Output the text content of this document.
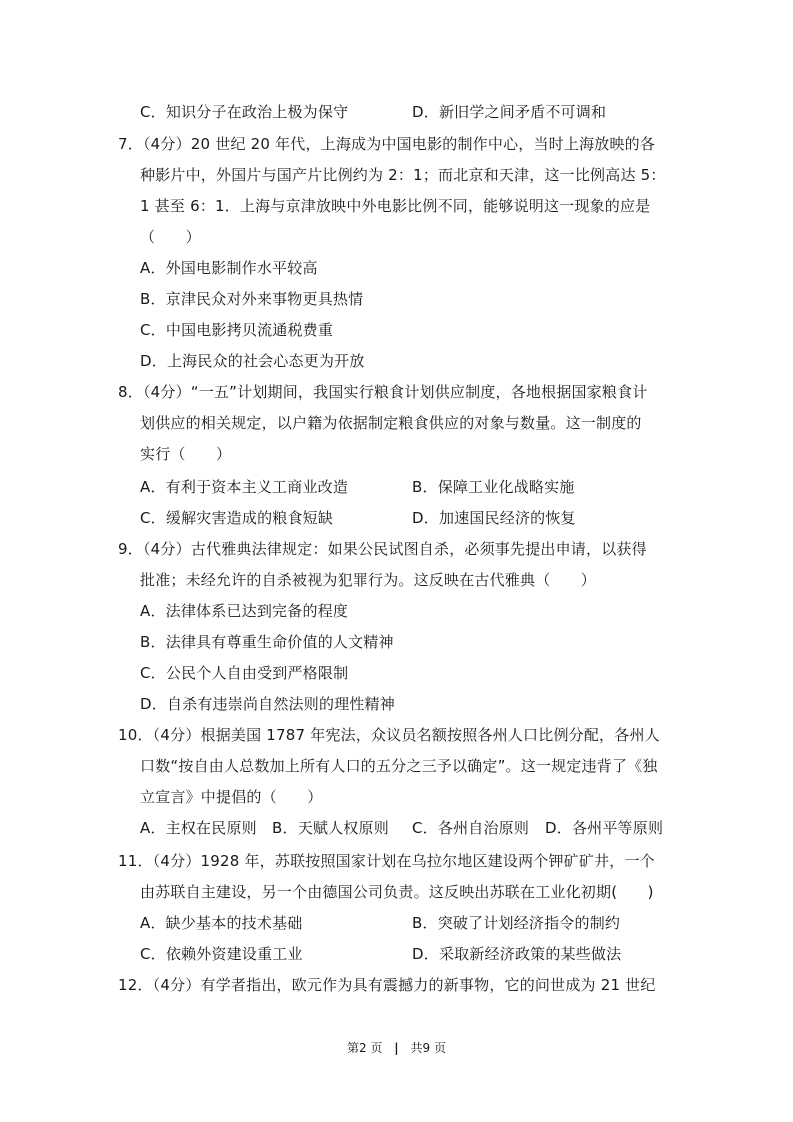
C．知识分子在政治上极为保守	D．新旧学之间矛盾不可调和
7．（4分）20 世纪 20 年代，上海成为中国电影的制作中心，当时上海放映的各
种影片中，外国片与国产片比例约为 2：1；而北京和天津，这一比例高达 5：
1 甚至 6：1．上海与京津放映中外电影比例不同，能够说明这一现象的应是
（　　）
A．外国电影制作水平较高
B．京津民众对外来事物更具热情
C．中国电影拷贝流通税费重
D．上海民众的社会心态更为开放
8．（4分）“一五”计划期间，我国实行粮食计划供应制度，各地根据国家粮食计
划供应的相关规定，以户籍为依据制定粮食供应的对象与数量。这一制度的
实行（　　）
A．有利于资本主义工商业改造	B．保障工业化战略实施
C．缓解灾害造成的粮食短缺	D．加速国民经济的恢复
9．（4分）古代雅典法律规定：如果公民试图自杀，必须事先提出申请，以获得
批准；未经允许的自杀被视为犯罪行为。这反映在古代雅典（　　）
A．法律体系已达到完备的程度
B．法律具有尊重生命价值的人文精神
C．公民个人自由受到严格限制
D．自杀有违崇尚自然法则的理性精神
10．（4分）根据美国 1787 年宪法，众议员名额按照各州人口比例分配，各州人
口数“按自由人总数加上所有人口的五分之三予以确定”。这一规定违背了《独
立宣言》中提倡的（　　）
A．主权在民原则 B．天赋人权原则 C．各州自治原则 D．各州平等原则
11．（4分）1928 年，苏联按照国家计划在乌拉尔地区建设两个钾矿矿井，一个
由苏联自主建设，另一个由德国公司负责。这反映出苏联在工业化初期(　　)
A．缺少基本的技术基础	B．突破了计划经济指令的制约
C．依赖外资建设重工业	D．采取新经济政策的某些做法
12．（4分）有学者指出，欧元作为具有震撼力的新事物，它的问世成为 21 世纪
第2 页 | 共9 页
